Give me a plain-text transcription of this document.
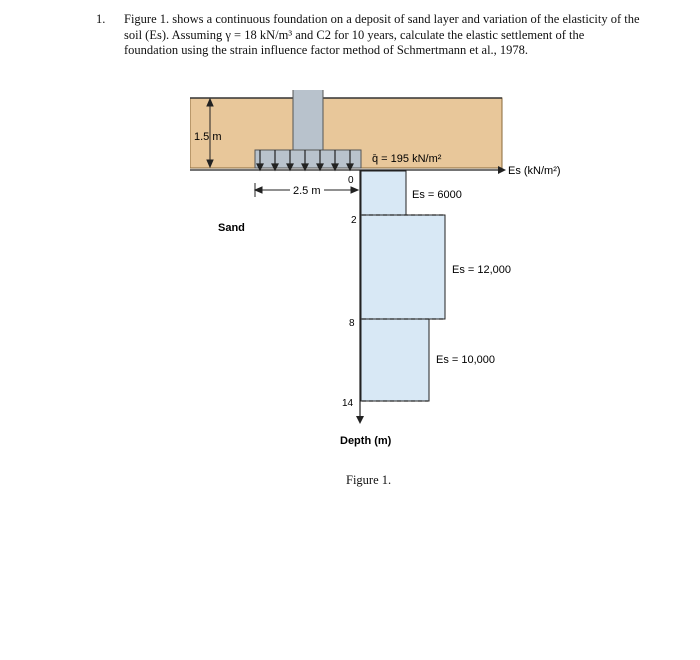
1. Figure 1. shows a continuous foundation on a deposit of sand layer and variation of the elasticity of the soil (Es). Assuming γ = 18 kN/m³ and C2 for 10 years, calculate the elastic settlement of the foundation using the strain influence factor method of Schmertmann et al., 1978.
1.5 m
Es (kN/m²)
q̄ = 195 kN/m²
2.5 m
Depth (m)
0
2
8
14
Es = 6000
Es = 12,000
Es = 10,000
Sand
Figure 1.
